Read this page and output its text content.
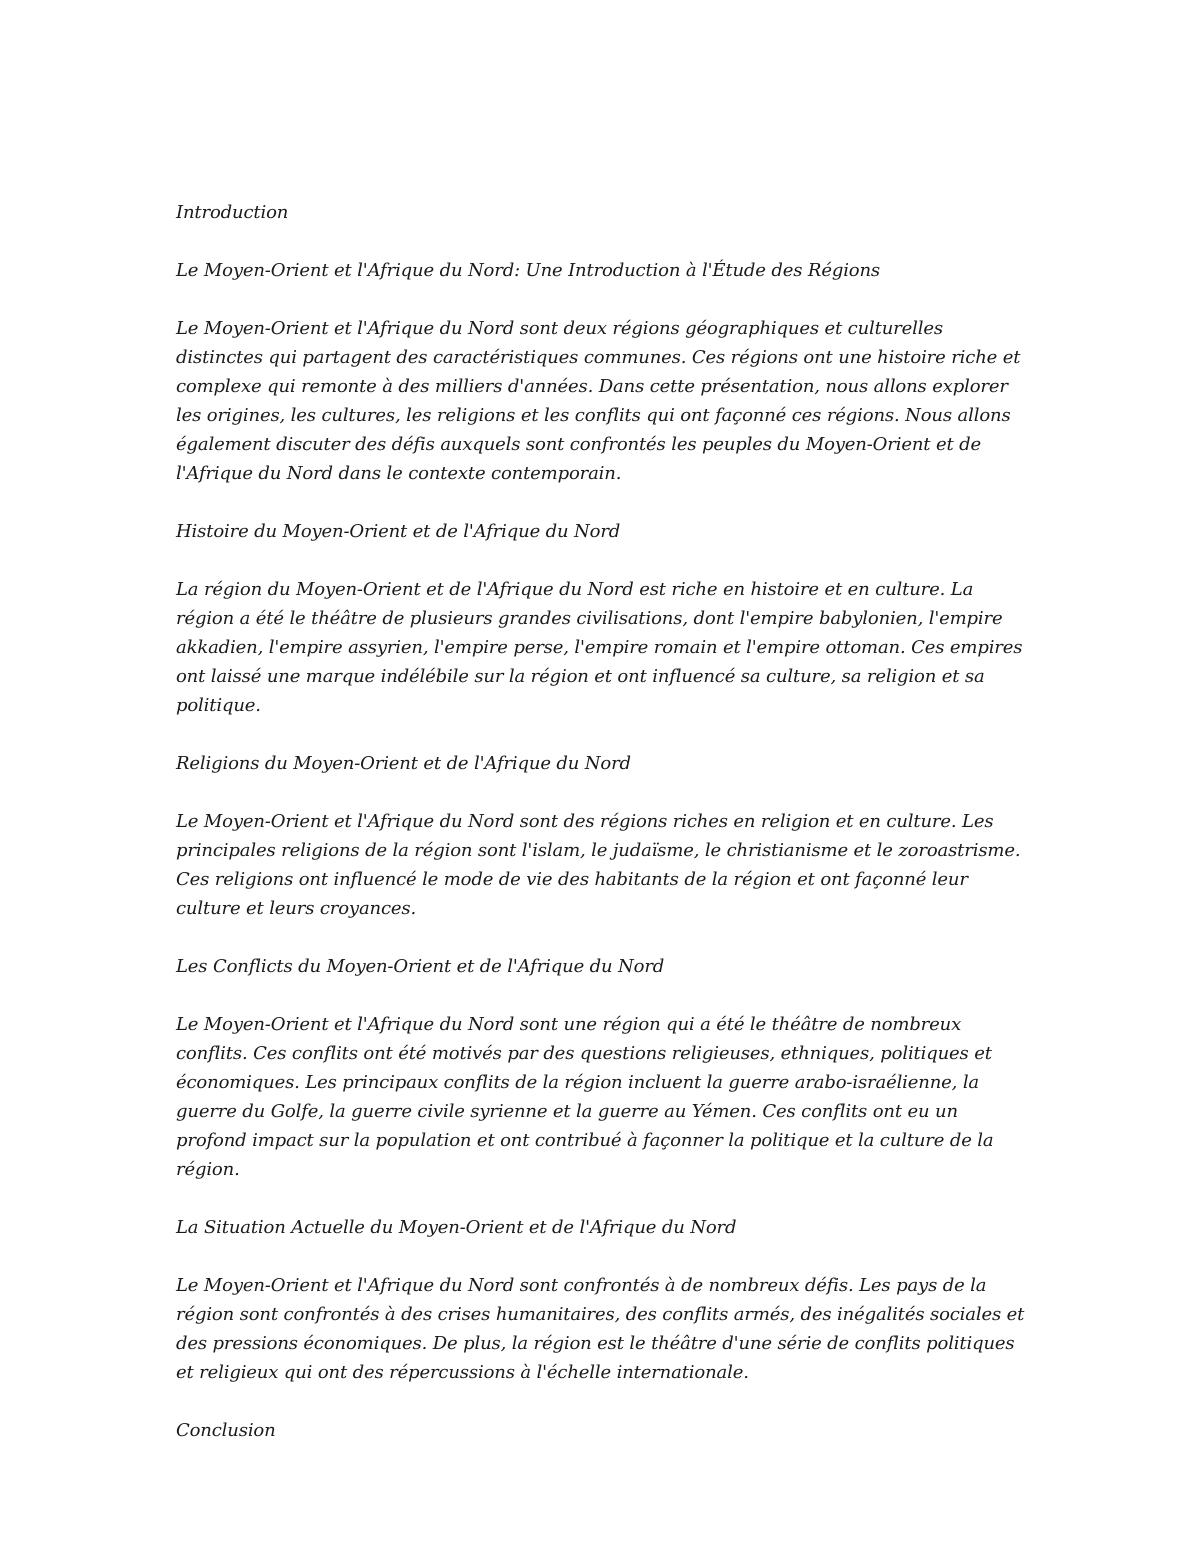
Introduction

Le Moyen-Orient et l'Afrique du Nord: Une Introduction à l'Étude des Régions

Le Moyen-Orient et l'Afrique du Nord sont deux régions géographiques et culturelles distinctes qui partagent des caractéristiques communes. Ces régions ont une histoire riche et complexe qui remonte à des milliers d'années. Dans cette présentation, nous allons explorer les origines, les cultures, les religions et les conflits qui ont façonné ces régions. Nous allons également discuter des défis auxquels sont confrontés les peuples du Moyen-Orient et de l'Afrique du Nord dans le contexte contemporain.

Histoire du Moyen-Orient et de l'Afrique du Nord

La région du Moyen-Orient et de l'Afrique du Nord est riche en histoire et en culture. La région a été le théâtre de plusieurs grandes civilisations, dont l'empire babylonien, l'empire akkadien, l'empire assyrien, l'empire perse, l'empire romain et l'empire ottoman. Ces empires ont laissé une marque indélébile sur la région et ont influencé sa culture, sa religion et sa politique.

Religions du Moyen-Orient et de l'Afrique du Nord

Le Moyen-Orient et l'Afrique du Nord sont des régions riches en religion et en culture. Les principales religions de la région sont l'islam, le judaïsme, le christianisme et le zoroastrisme. Ces religions ont influencé le mode de vie des habitants de la région et ont façonné leur culture et leurs croyances.

Les Conflicts du Moyen-Orient et de l'Afrique du Nord

Le Moyen-Orient et l'Afrique du Nord sont une région qui a été le théâtre de nombreux conflits. Ces conflits ont été motivés par des questions religieuses, ethniques, politiques et économiques. Les principaux conflits de la région incluent la guerre arabo-israélienne, la guerre du Golfe, la guerre civile syrienne et la guerre au Yémen. Ces conflits ont eu un profond impact sur la population et ont contribué à façonner la politique et la culture de la région.

La Situation Actuelle du Moyen-Orient et de l'Afrique du Nord

Le Moyen-Orient et l'Afrique du Nord sont confrontés à de nombreux défis. Les pays de la région sont confrontés à des crises humanitaires, des conflits armés, des inégalités sociales et des pressions économiques. De plus, la région est le théâtre d'une série de conflits politiques et religieux qui ont des répercussions à l'échelle internationale.

Conclusion
